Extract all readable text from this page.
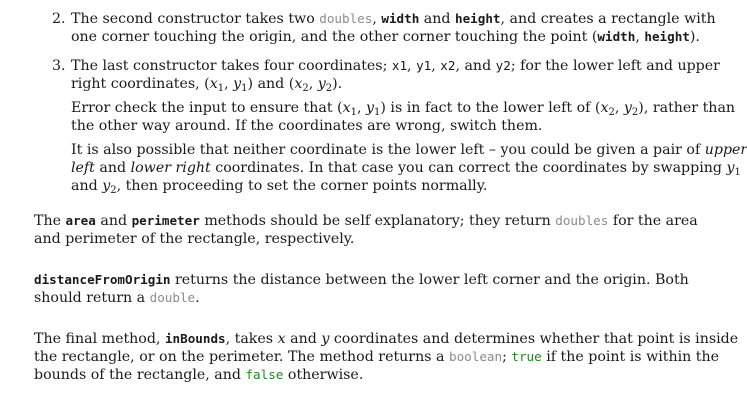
2. The second constructor takes two doubles, width and height, and creates a rectangle with
one corner touching the origin, and the other corner touching the point (width, height).
3. The last constructor takes four coordinates; x1, y1, x2, and y2; for the lower left and upper
right coordinates, ($x_1$, $y_1$) and ($x_2$, $y_2$).
Error check the input to ensure that ($x_1$, $y_1$) is in fact to the lower left of ($x_2$, $y_2$), rather than
the other way around. If the coordinates are wrong, switch them.
It is also possible that neither coordinate is the lower left – you could be given a pair of upper
left and lower right coordinates. In that case you can correct the coordinates by swapping $y_1$
and $y_2$, then proceeding to set the corner points normally.
The area and perimeter methods should be self explanatory; they return doubles for the area
and perimeter of the rectangle, respectively.
distanceFromOrigin returns the distance between the lower left corner and the origin. Both
should return a double.
The final method, inBounds, takes x and y coordinates and determines whether that point is inside
the rectangle, or on the perimeter. The method returns a boolean; true if the point is within the
bounds of the rectangle, and false otherwise.
